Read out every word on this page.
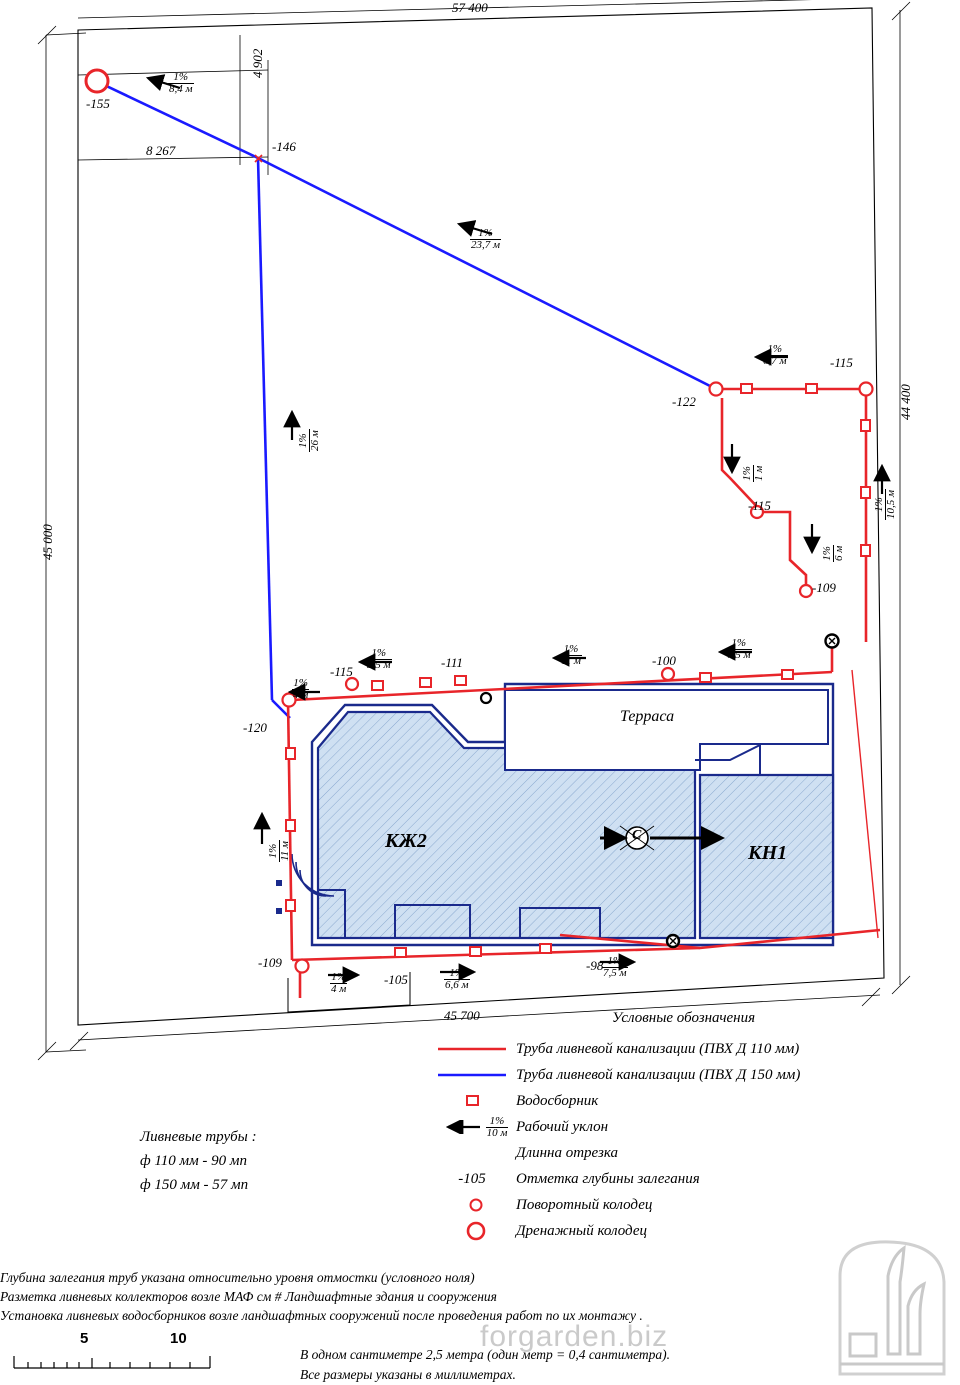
57 400
45 000
44 400
45 700
8 267
4 902
-155
-146
-122
-115
-115
-109
-120
-115
-111	-100
-109
-105
-98
$\frac{1\%}{8,4 м}$
$\frac{1\%}{23,7 м}$
1% 26 м
$\frac{1\%}{6,7 м}$
1% 1 м
1% 6 м
1% 10,5 м
$\frac{1\%}{7,5 м}$
$\frac{1\%}{11 м}$
$\frac{1\%}{3,5 м}$
$\frac{1\%}{4 м}$
1% 11 м
$\frac{1\%}{4 м}$	$\frac{1\%}{6,6 м}$
$\frac{1\%}{7,5 м}$
Терраса
КЖ2
КН1
C
Условные обозначения
Труба ливневой канализации (ПВХ Д 110 мм)
Труба ливневой канализации (ПВХ Д 150 мм)
Водосборник
$\frac{1\%}{10 м}$ Рабочий уклон
Длинна отрезка
-105	Отметка глубины залегания
Поворотный колодец
Дренажный колодец
Ливневые трубы :
ф 110 мм - 90 мп
ф 150 мм - 57 мп
Глубина залегания труб указана относительно уровня отмостки (условного ноля)
Разметка ливневых коллекторов возле МАФ см # Ландшафтные здания и сооружения
Установка ливневых водосборников возле ландшафтных сооружений после проведения работ по их монтажу .
В одном сантиметре 2,5 метра (один метр = 0,4 сантиметра).
Все размеры указаны в миллиметрах.
5	10	forgarden.biz
